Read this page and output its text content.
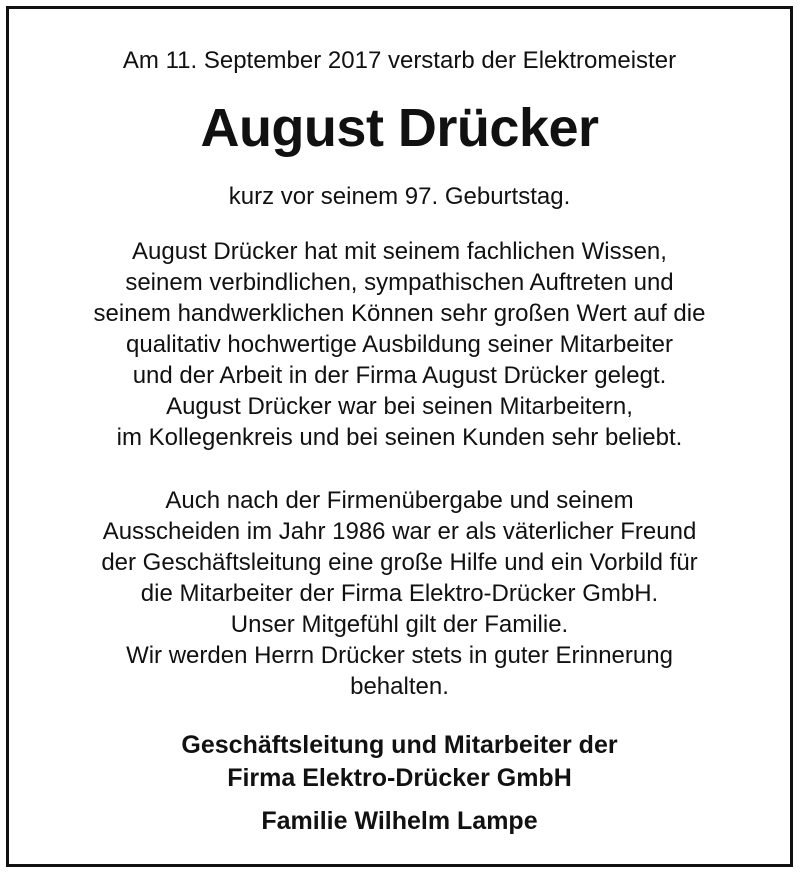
Am 11. September 2017 verstarb der Elektromeister
August Drücker
kurz vor seinem 97. Geburtstag.
August Drücker hat mit seinem fachlichen Wissen,
seinem verbindlichen, sympathischen Auftreten und
seinem handwerklichen Können sehr großen Wert auf die
qualitativ hochwertige Ausbildung seiner Mitarbeiter
und der Arbeit in der Firma August Drücker gelegt.
August Drücker war bei seinen Mitarbeitern,
im Kollegenkreis und bei seinen Kunden sehr beliebt.
Auch nach der Firmenübergabe und seinem
Ausscheiden im Jahr 1986 war er als väterlicher Freund
der Geschäftsleitung eine große Hilfe und ein Vorbild für
die Mitarbeiter der Firma Elektro-Drücker GmbH.
Unser Mitgefühl gilt der Familie.
Wir werden Herrn Drücker stets in guter Erinnerung
behalten.
Geschäftsleitung und Mitarbeiter der
Firma Elektro-Drücker GmbH
Familie Wilhelm Lampe
